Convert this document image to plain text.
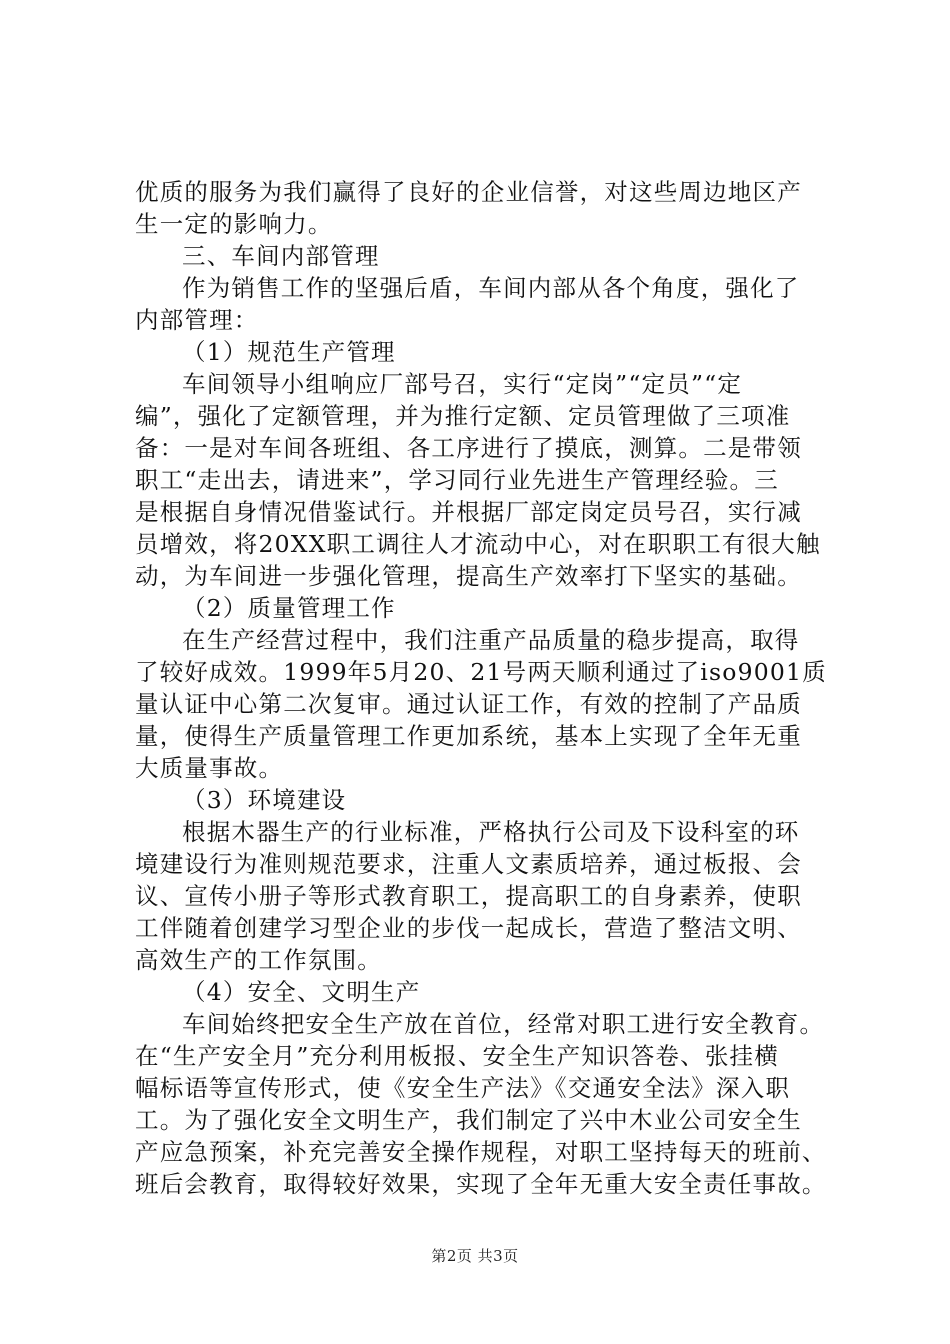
优质的服务为我们赢得了良好的企业信誉，对这些周边地区产
生一定的影响力。
三、车间内部管理
作为销售工作的坚强后盾，车间内部从各个角度，强化了
内部管理：
（1）规范生产管理
车间领导小组响应厂部号召，实行“定岗”“定员”“定
编”，强化了定额管理，并为推行定额、定员管理做了三项准
备：一是对车间各班组、各工序进行了摸底，测算。二是带领
职工“走出去，请进来”，学习同行业先进生产管理经验。三
是根据自身情况借鉴试行。并根据厂部定岗定员号召，实行减
员增效，将20XX职工调往人才流动中心，对在职职工有很大触
动，为车间进一步强化管理，提高生产效率打下坚实的基础。
（2）质量管理工作
在生产经营过程中，我们注重产品质量的稳步提高，取得
了较好成效。1999年5月20、21号两天顺利通过了iso9001质
量认证中心第二次复审。通过认证工作，有效的控制了产品质
量，使得生产质量管理工作更加系统，基本上实现了全年无重
大质量事故。
（3）环境建设
根据木器生产的行业标准，严格执行公司及下设科室的环
境建设行为准则规范要求，注重人文素质培养，通过板报、会
议、宣传小册子等形式教育职工，提高职工的自身素养，使职
工伴随着创建学习型企业的步伐一起成长，营造了整洁文明、
高效生产的工作氛围。
（4）安全、文明生产
车间始终把安全生产放在首位，经常对职工进行安全教育。
在“生产安全月”充分利用板报、安全生产知识答卷、张挂横
幅标语等宣传形式，使《安全生产法》《交通安全法》深入职
工。为了强化安全文明生产，我们制定了兴中木业公司安全生
产应急预案，补充完善安全操作规程，对职工坚持每天的班前、
班后会教育，取得较好效果，实现了全年无重大安全责任事故。
第2页 共3页
